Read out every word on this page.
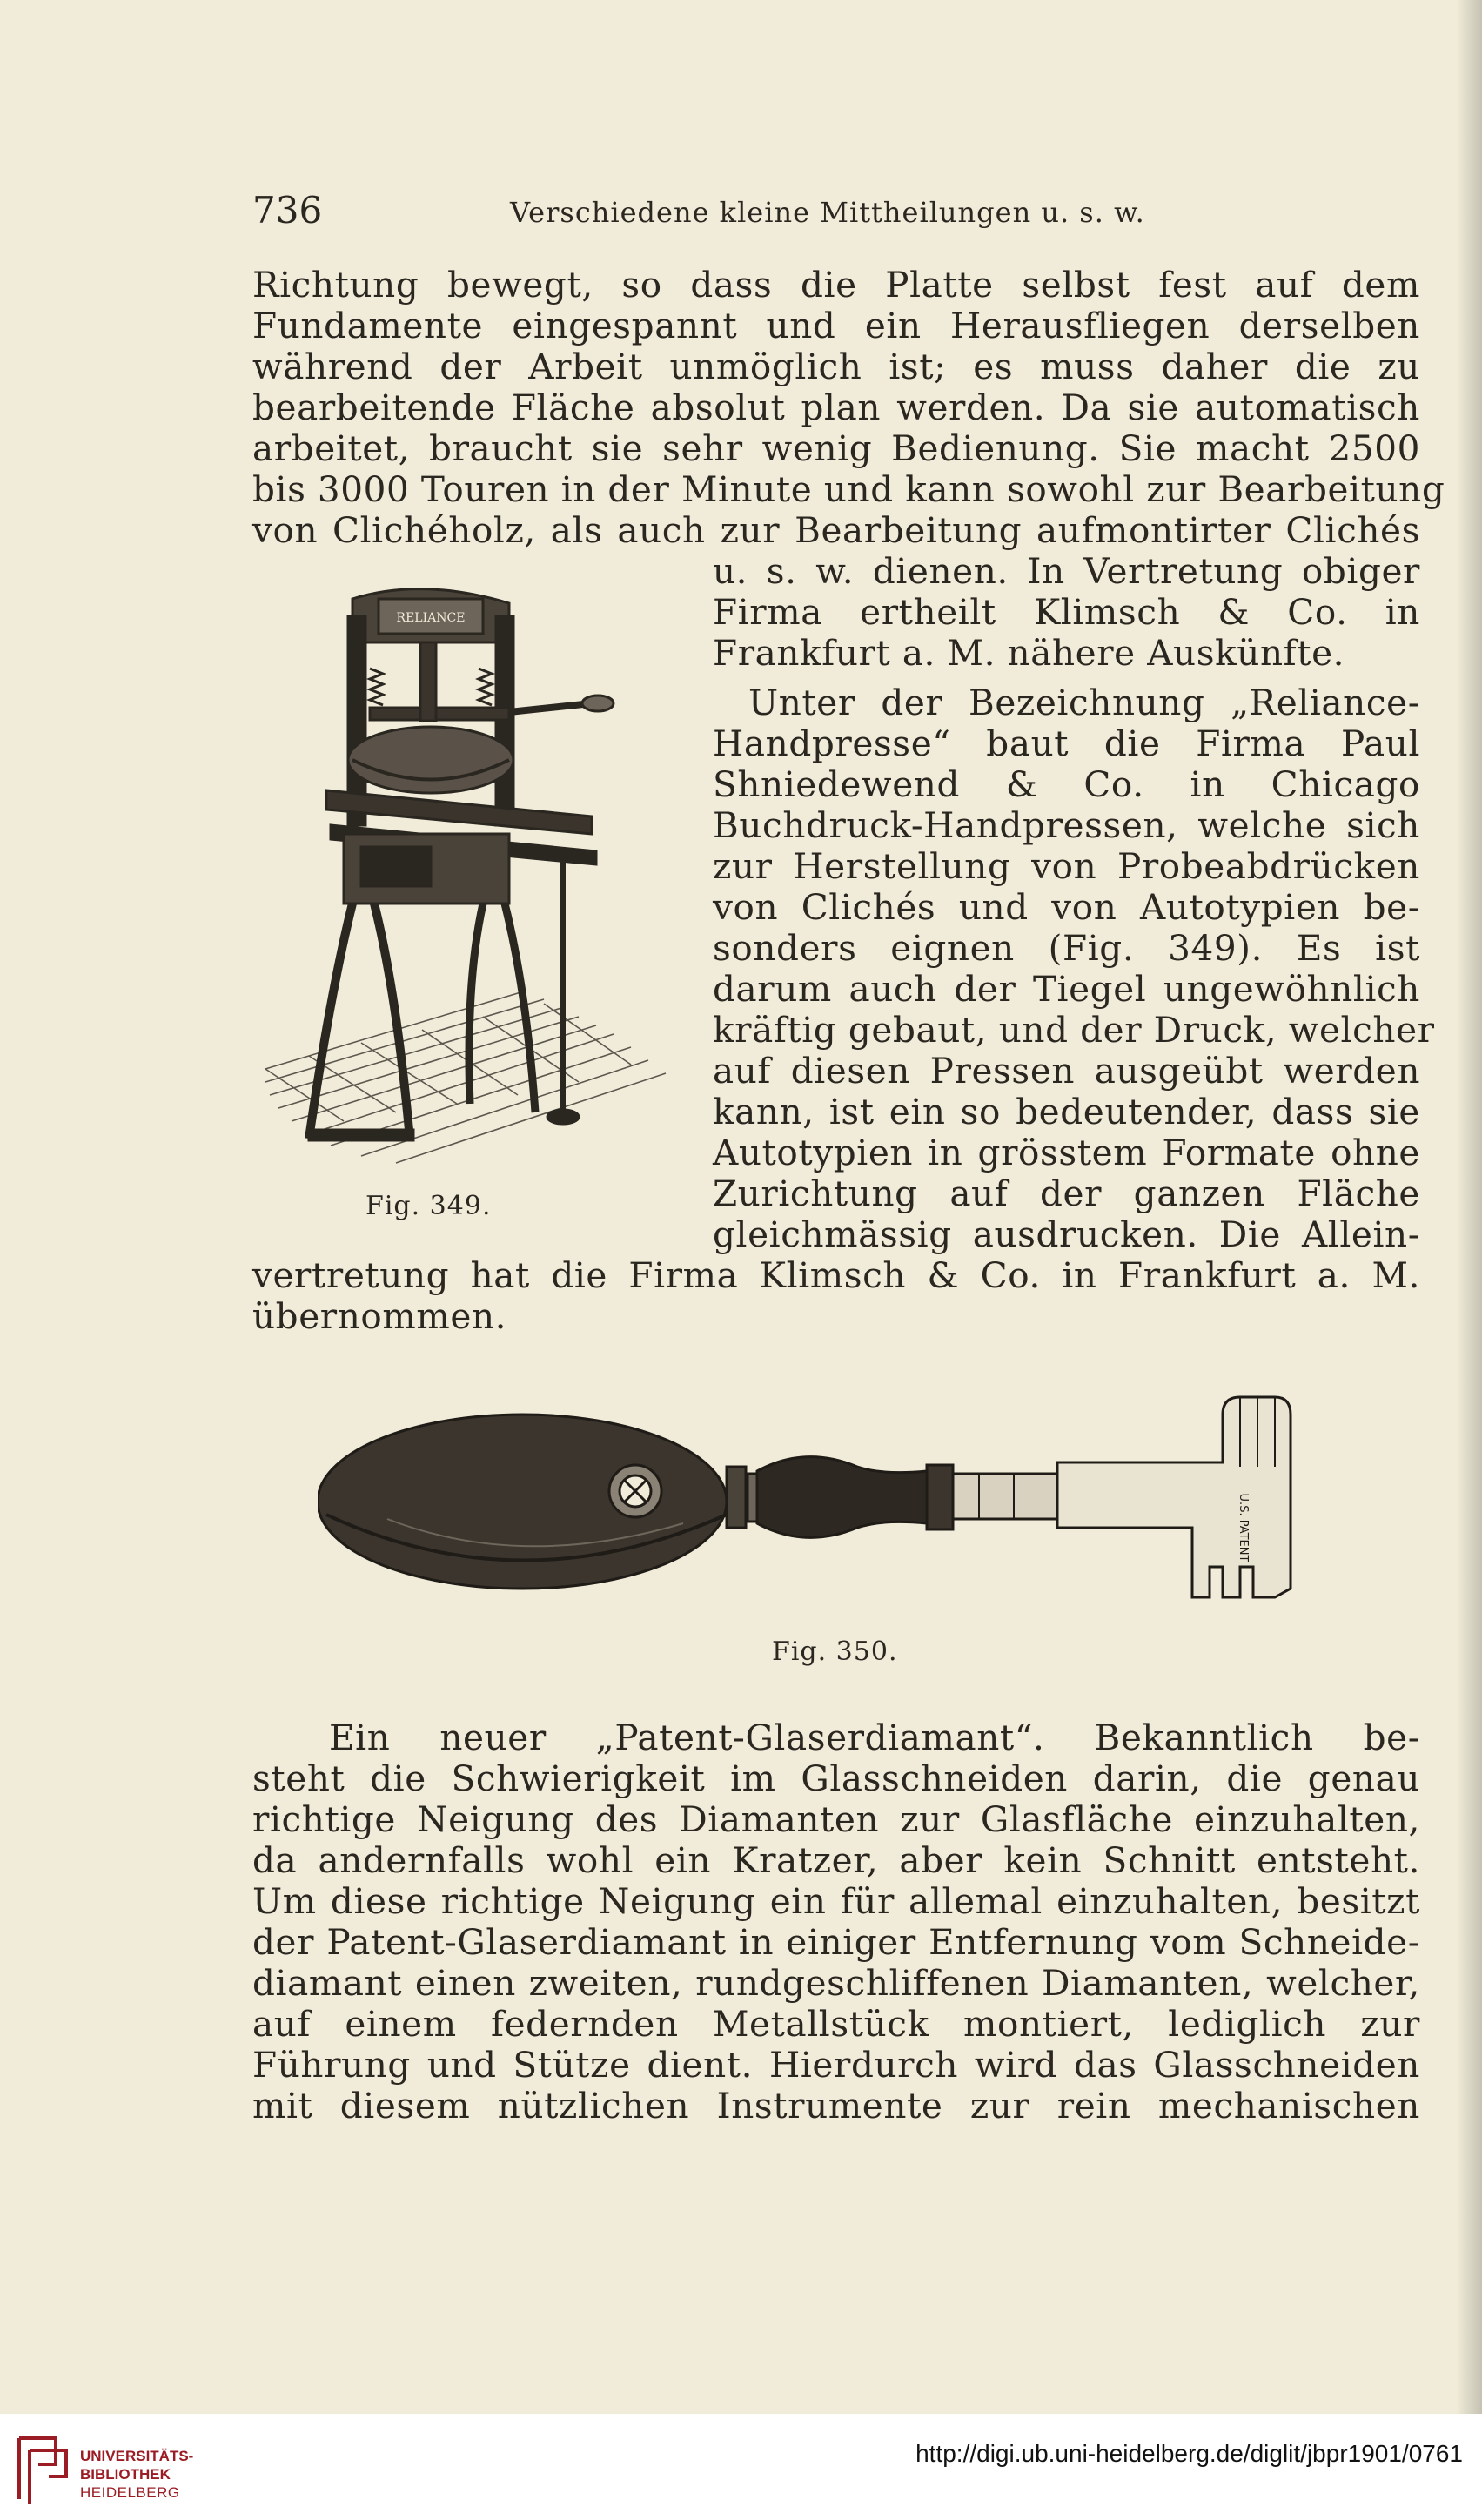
736	Verschiedene kleine Mittheilungen u. s. w.
Richtung bewegt, so dass die Platte selbst fest auf dem
Fundamente eingespannt und ein Herausfliegen derselben
während der Arbeit unmöglich ist; es muss daher die zu
bearbeitende Fläche absolut plan werden. Da sie automatisch
arbeitet, braucht sie sehr wenig Bedienung. Sie macht 2500
bis 3000 Touren in der Minute und kann sowohl zur Bearbeitung
von Clichéholz, als auch zur Bearbeitung aufmontirter Clichés
RELIANCE
Fig. 349.
u. s. w. dienen. In Vertretung obiger
Firma ertheilt Klimsch & Co. in
Frankfurt a. M. nähere Auskünfte.
Unter der Bezeichnung „Reliance-
Handpresse“ baut die Firma Paul
Shniedewend & Co. in Chicago
Buchdruck-Handpressen, welche sich
zur Herstellung von Probeabdrücken
von Clichés und von Autotypien be-
sonders eignen (Fig. 349). Es ist
darum auch der Tiegel ungewöhnlich
kräftig gebaut, und der Druck, welcher
auf diesen Pressen ausgeübt werden
kann, ist ein so bedeutender, dass sie
Autotypien in grösstem Formate ohne
Zurichtung auf der ganzen Fläche
gleichmässig ausdrucken. Die Allein-
vertretung hat die Firma Klimsch & Co. in Frankfurt a. M.
übernommen.
U.S. PATENT
Fig. 350.
Ein neuer „Patent-Glaserdiamant“. Bekanntlich be-
steht die Schwierigkeit im Glasschneiden darin, die genau
richtige Neigung des Diamanten zur Glasfläche einzuhalten,
da andernfalls wohl ein Kratzer, aber kein Schnitt entsteht.
Um diese richtige Neigung ein für allemal einzuhalten, besitzt
der Patent-Glaserdiamant in einiger Entfernung vom Schneide-
diamant einen zweiten, rundgeschliffenen Diamanten, welcher,
auf einem federnden Metallstück montiert, lediglich zur
Führung und Stütze dient. Hierdurch wird das Glasschneiden
mit diesem nützlichen Instrumente zur rein mechanischen
UNIVERSITÄTS-
BIBLIOTHEK
HEIDELBERG
http://digi.ub.uni-heidelberg.de/diglit/jbpr1901/0761
